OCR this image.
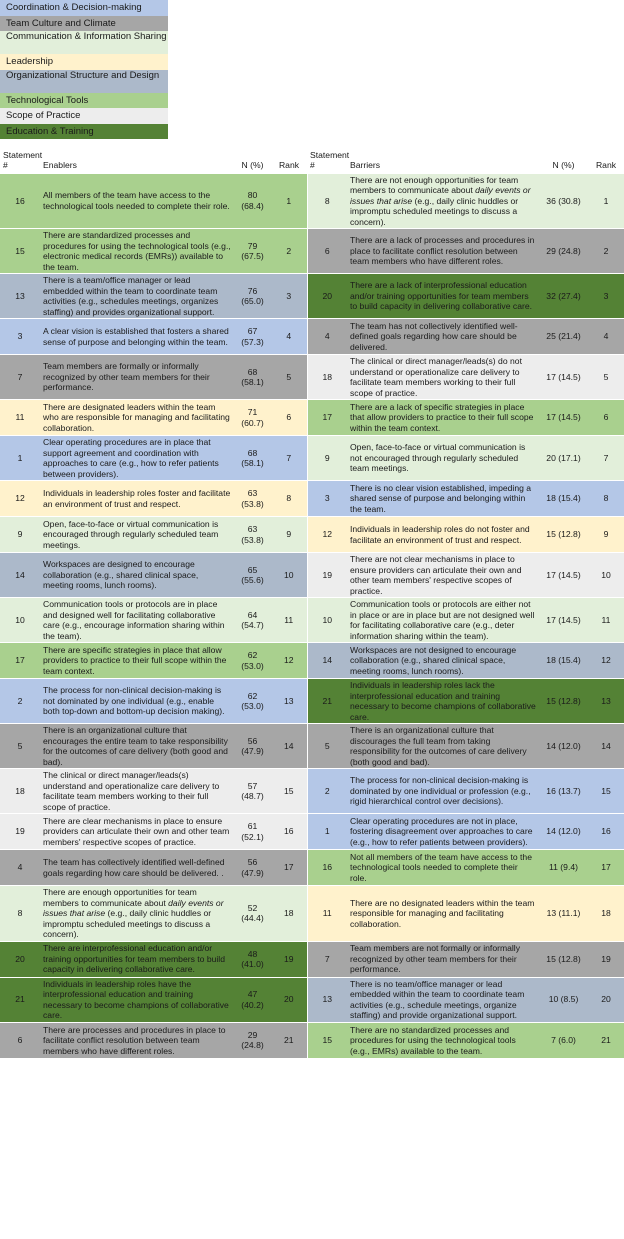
Coordination & Decision-making
Team Culture and Climate
Communication & Information Sharing
Leadership
Organizational Structure and Design
Technological Tools
Scope of Practice
Education & Training
Statement #	Enablers	N (%)	Rank	Statement #	Barriers	N (%)	Rank
16	All members of the team have access to the technological tools needed to complete their role.	80 (68.4)	1	8	There are not enough opportunities for team members to communicate about daily events or issues that arise (e.g., daily clinic huddles or impromptu scheduled meetings to discuss a concern).	36 (30.8)	1
15	There are standardized processes and procedures for using the technological tools (e.g., electronic medical records (EMRs)) available to the team.	79 (67.5)	2	6	There are a lack of processes and procedures in place to facilitate conflict resolution between team members who have different roles.	29 (24.8)	2
13	There is a team/office manager or lead embedded within the team to coordinate team activities (e.g., schedules meetings, organizes staffing) and provides organizational support.	76 (65.0)	3	20	There are a lack of interprofessional education and/or training opportunities for team members to build capacity in delivering collaborative care.	32 (27.4)	3
3	A clear vision is established that fosters a shared sense of purpose and belonging within the team.	67 (57.3)	4	4	The team has not collectively identified well-defined goals regarding how care should be delivered.	25 (21.4)	4
7	Team members are formally or informally recognized by other team members for their performance.	68 (58.1)	5	18	The clinical or direct manager/leads(s) do not understand or operationalize care delivery to facilitate team members working to their full scope of practice.	17 (14.5)	5
11	There are designated leaders within the team who are responsible for managing and facilitating collaboration.	71 (60.7)	6	17	There are a lack of specific strategies in place that allow providers to practice to their full scope within the team context.	17 (14.5)	6
1	Clear operating procedures are in place that support agreement and coordination with approaches to care (e.g., how to refer patients between providers).	68 (58.1)	7	9	Open, face-to-face or virtual communication is not encouraged through regularly scheduled team meetings.	20 (17.1)	7
12	Individuals in leadership roles foster and facilitate an environment of trust and respect.	63 (53.8)	8	3	There is no clear vision established, impeding a shared sense of purpose and belonging within the team.	18 (15.4)	8
9	Open, face-to-face or virtual communication is encouraged through regularly scheduled team meetings.	63 (53.8)	9	12	Individuals in leadership roles do not foster and facilitate an environment of trust and respect.	15 (12.8)	9
14	Workspaces are designed to encourage collaboration (e.g., shared clinical space, meeting rooms, lunch rooms).	65 (55.6)	10	19	There are not clear mechanisms in place to ensure providers can articulate their own and other team members' respective scopes of practice.	17 (14.5)	10
10	Communication tools or protocols are in place and designed well for facilitating collaborative care (e.g., encourage information sharing within the team).	64 (54.7)	11	10	Communication tools or protocols are either not in place or are in place but are not designed well for facilitating collaborative care (e.g., deter information sharing within the team).	17 (14.5)	11
17	There are specific strategies in place that allow providers to practice to their full scope within the team context.	62 (53.0)	12	14	Workspaces are not designed to encourage collaboration (e.g., shared clinical space, meeting rooms, lunch rooms).	18 (15.4)	12
2	The process for non-clinical decision-making is not dominated by one individual (e.g., enable both top-down and bottom-up decision making).	62 (53.0)	13	21	Individuals in leadership roles lack the interprofessional education and training necessary to become champions of collaborative care.	15 (12.8)	13
5	There is an organizational culture that encourages the entire team to take responsibility for the outcomes of care delivery (both good and bad).	56 (47.9)	14	5	There is an organizational culture that discourages the full team from taking responsibility for the outcomes of care delivery (both good and bad).	14 (12.0)	14
18	The clinical or direct manager/leads(s) understand and operationalize care delivery to facilitate team members working to their full scope of practice.	57 (48.7)	15	2	The process for non-clinical decision-making is dominated by one individual or profession (e.g., rigid hierarchical control over decisions).	16 (13.7)	15
19	There are clear mechanisms in place to ensure providers can articulate their own and other team members' respective scopes of practice.	61 (52.1)	16	1	Clear operating procedures are not in place, fostering disagreement over approaches to care (e.g., how to refer patients between providers).	14 (12.0)	16
4	The team has collectively identified well-defined goals regarding how care should be delivered. .	56 (47.9)	17	16	Not all members of the team have access to the technological tools needed to complete their role.	11 (9.4)	17
8	There are enough opportunities for team members to communicate about daily events or issues that arise (e.g., daily clinic huddles or impromptu scheduled meetings to discuss a concern).	52 (44.4)	18	11	There are no designated leaders within the team responsible for managing and facilitating collaboration.	13 (11.1)	18
20	There are interprofessional education and/or training opportunities for team members to build capacity in delivering collaborative care.	48 (41.0)	19	7	Team members are not formally or informally recognized by other team members for their performance.	15 (12.8)	19
21	Individuals in leadership roles have the interprofessional education and training necessary to become champions of collaborative care.	47 (40.2)	20	13	There is no team/office manager or lead embedded within the team to coordinate team activities (e.g., schedule meetings, organize staffing) and provide organizational support.	10 (8.5)	20
6	There are processes and procedures in place to facilitate conflict resolution between team members who have different roles.	29 (24.8)	21	15	There are no standardized processes and procedures for using the technological tools (e.g., EMRs) available to the team.	7 (6.0)	21
